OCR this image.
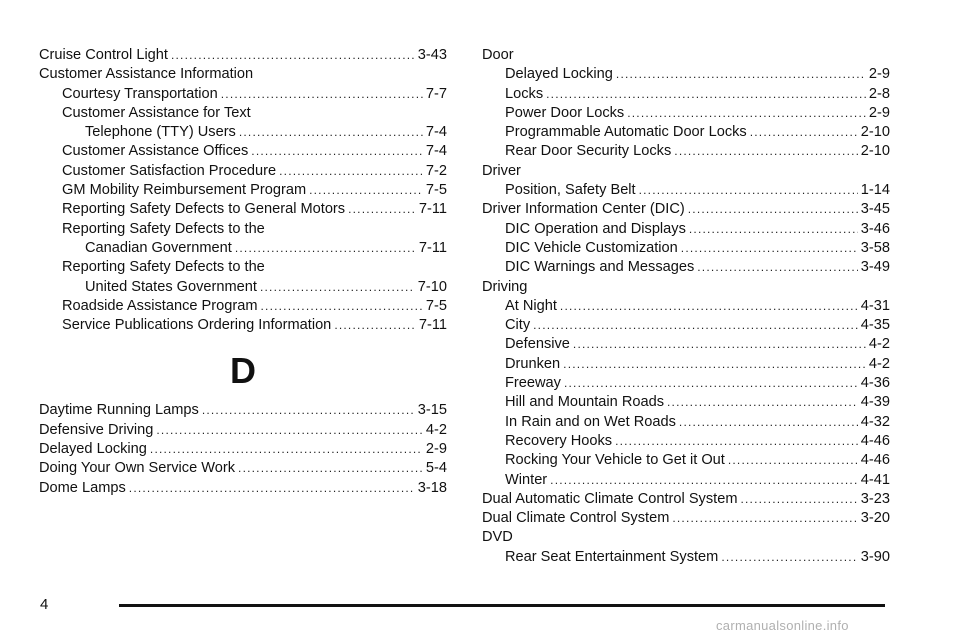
Cruise Control Light .....	3-43
Customer Assistance Information
Courtesy Transportation .....	7-7
Customer Assistance for Text
Telephone (TTY) Users .....	7-4
Customer Assistance Offices .....	7-4
Customer Satisfaction Procedure .....	7-2
GM Mobility Reimbursement Program .....	7-5
Reporting Safety Defects to General Motors .....	7-11
Reporting Safety Defects to the
Canadian Government .....	7-11
Reporting Safety Defects to the
United States Government .....	7-10
Roadside Assistance Program .....	7-5
Service Publications Ordering Information .....	7-11
D
Daytime Running Lamps .....	3-15
Defensive Driving .....	4-2
Delayed Locking .....	2-9
Doing Your Own Service Work .....	5-4
Dome Lamps .....	3-18
Door
Delayed Locking .....	2-9
Locks .....	2-8
Power Door Locks .....	2-9
Programmable Automatic Door Locks .....	2-10
Rear Door Security Locks .....	2-10
Driver
Position, Safety Belt .....	1-14
Driver Information Center (DIC) .....	3-45
DIC Operation and Displays .....	3-46
DIC Vehicle Customization .....	3-58
DIC Warnings and Messages .....	3-49
Driving
At Night .....	4-31
City .....	4-35
Defensive .....	4-2
Drunken .....	4-2
Freeway .....	4-36
Hill and Mountain Roads .....	4-39
In Rain and on Wet Roads .....	4-32
Recovery Hooks .....	4-46
Rocking Your Vehicle to Get it Out .....	4-46
Winter .....	4-41
Dual Automatic Climate Control System .....	3-23
Dual Climate Control System .....	3-20
DVD
Rear Seat Entertainment System .....	3-90
4
carmanualsonline.info
